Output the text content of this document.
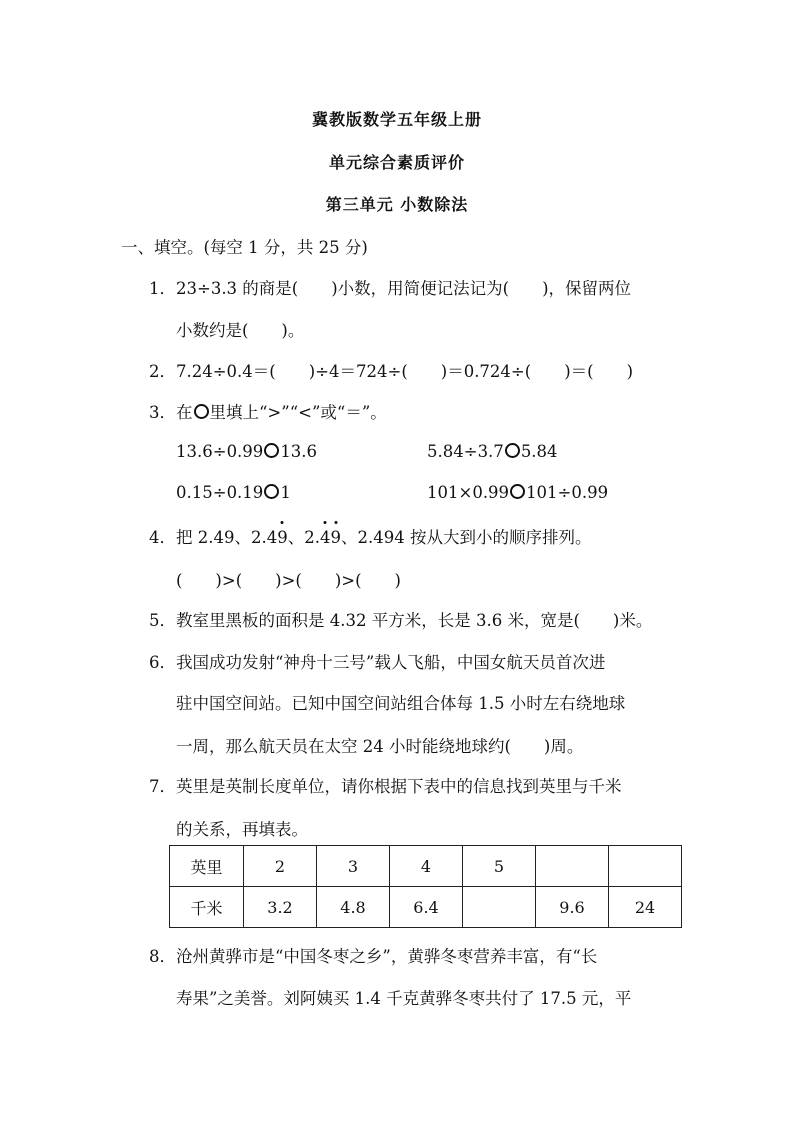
冀教版数学五年级上册
单元综合素质评价
第三单元 小数除法
一、填空。(每空 1 分，共 25 分)
1．23÷3.3 的商是(　　)小数，用简便记法记为(　　)，保留两位
小数约是(　　)。
2．7.24÷0.4＝(　　)÷4＝724÷(　　)＝0.724÷(　　)＝(　　)
3．在 里填上“>”“<”或“＝”。
13.6÷0.99 13.6	5.84÷3.7 5.84
0.15÷0.19 1	101×0.99 101÷0.99
4．把 2.49、2.4
9、2.
4
9、2.494 按从大到小的顺序排列。
(　　)>(　　)>(　　)>(　　)
5．教室里黑板的面积是 4.32 平方米，长是 3.6 米，宽是(　　)米。
6．我国成功发射“神舟十三号”载人飞船，中国女航天员首次进
驻中国空间站。已知中国空间站组合体每 1.5 小时左右绕地球
一周，那么航天员在太空 24 小时能绕地球约(　　)周。
7．英里是英制长度单位，请你根据下表中的信息找到英里与千米
的关系，再填表。
英里	2	3	4	5		
千米	3.2	4.8	6.4		9.6	24
8．沧州黄骅市是“中国冬枣之乡”，黄骅冬枣营养丰富，有“长
寿果”之美誉。刘阿姨买 1.4 千克黄骅冬枣共付了 17.5 元，平
